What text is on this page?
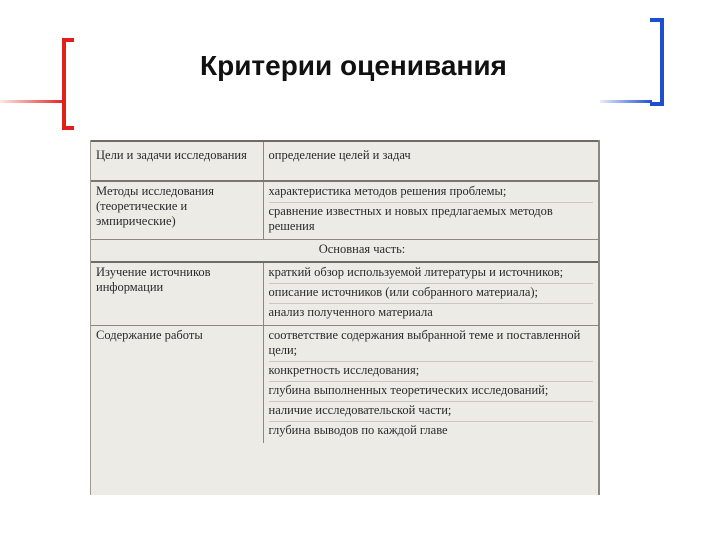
Критерии оценивания
Цели и задачи исследования	определение целей и задач

Методы исследования (теоретические и эмпирические)	характеристика методов решения проблемы;
сравнение известных и новых предлагаемых методов решения

Основная часть:	
Изучение источников информации	краткий обзор используемой литературы и источников;
описание источников (или собранного материала);
анализ полученного материала

Содержание работы	соответствие содержания выбранной теме и поставленной цели;
конкретность исследования;
глубина выполненных теоретических исследований;
наличие исследовательской части;
глубина выводов по каждой главе
